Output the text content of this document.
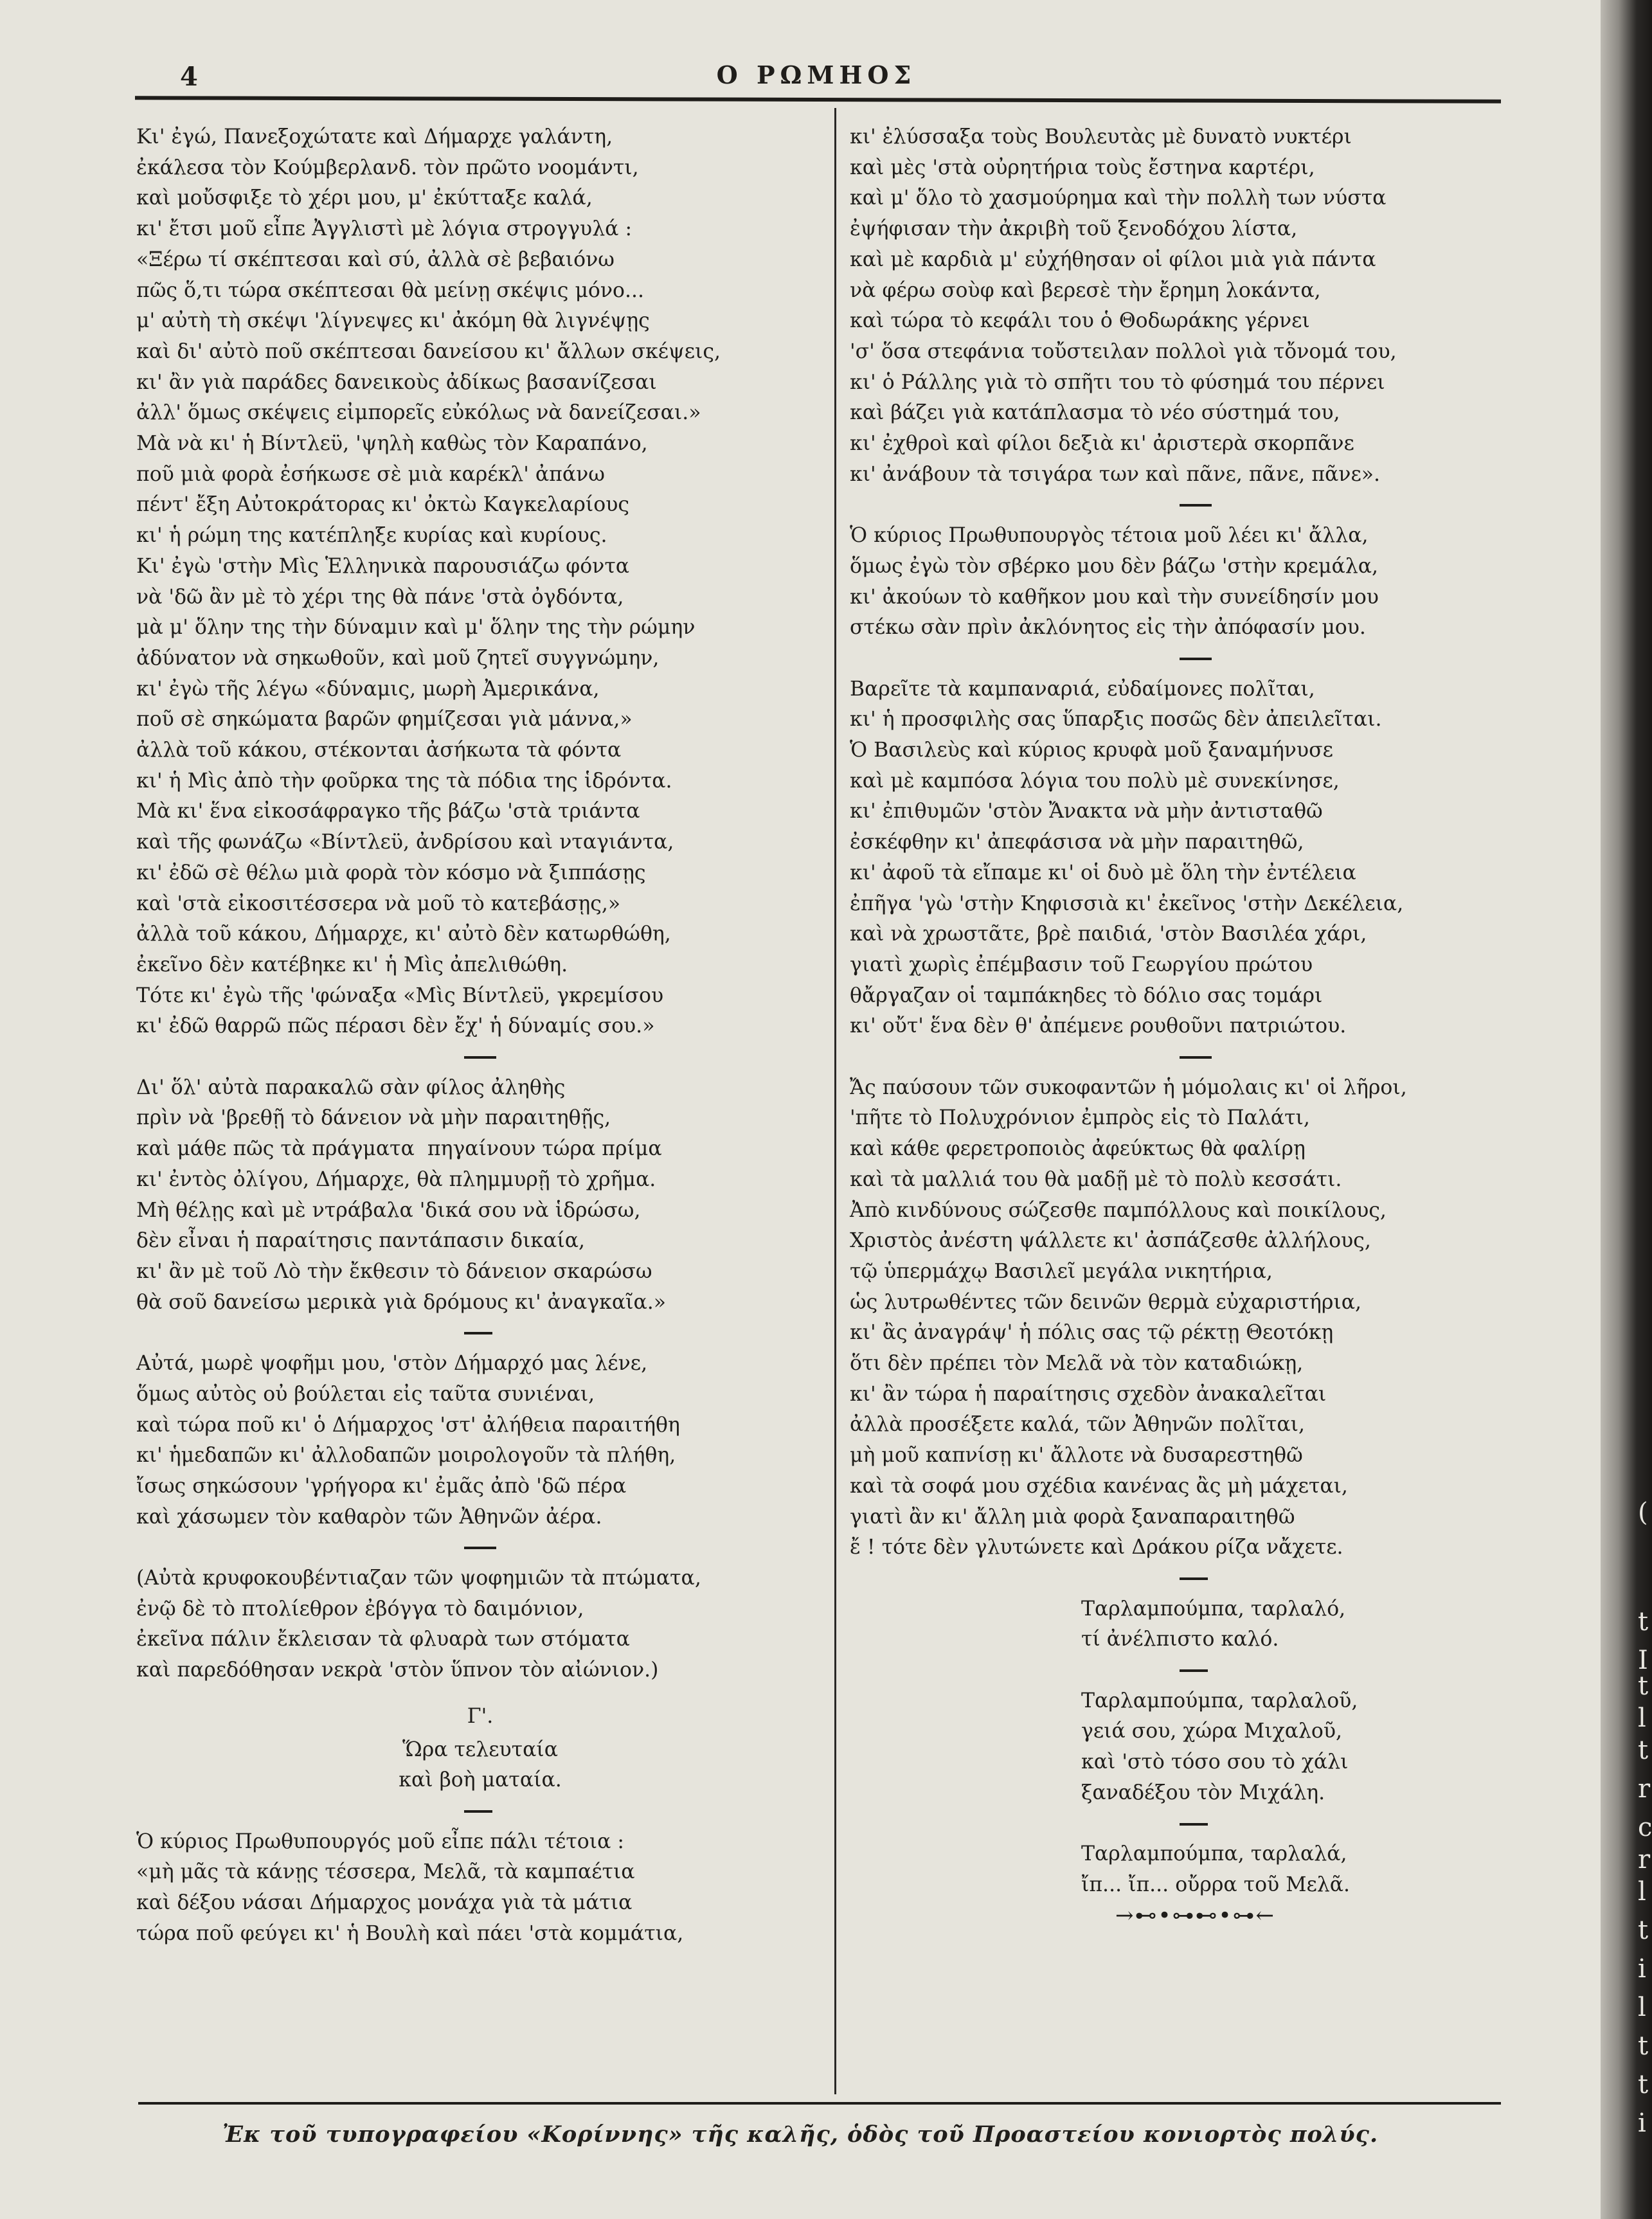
4	Ο ΡΩΜΗΟΣ
Κι' ἐγώ, Πανεξοχώτατε καὶ Δήμαρχε γαλάντη,
ἐκάλεσα τὸν Κούμβερλανδ. τὸν πρῶτο νοομάντι,
καὶ μοὔσφιξε τὸ χέρι μου, μ' ἐκύτταξε καλά,
κι' ἔτσι μοῦ εἶπε Ἀγγλιστὶ μὲ λόγια στρογγυλά :
«Ξέρω τί σκέπτεσαι καὶ σύ, ἀλλὰ σὲ βεβαιόνω
πῶς ὅ,τι τώρα σκέπτεσαι θὰ μείνῃ σκέψις μόνο...
μ' αὐτὴ τὴ σκέψι 'λίγνεψες κι' ἀκόμη θὰ λιγνέψῃς
καὶ δι' αὐτὸ ποῦ σκέπτεσαι δανείσου κι' ἄλλων σκέψεις,
κι' ἂν γιὰ παράδες δανεικοὺς ἀδίκως βασανίζεσαι
ἀλλ' ὅμως σκέψεις εἰμπορεῖς εὐκόλως νὰ δανείζεσαι.»
Μὰ νὰ κι' ἡ Βίντλεϋ, 'ψηλὴ καθὼς τὸν Καραπάνο,
ποῦ μιὰ φορὰ ἐσήκωσε σὲ μιὰ καρέκλ' ἀπάνω
πέντ' ἔξη Αὐτοκράτορας κι' ὀκτὼ Καγκελαρίους
κι' ἡ ρώμη της κατέπληξε κυρίας καὶ κυρίους.
Κι' ἐγὼ 'στὴν Μὶς Ἑλληνικὰ παρουσιάζω φόντα
νὰ 'δῶ ἂν μὲ τὸ χέρι της θὰ πάνε 'στὰ ὀγδόντα,
μὰ μ' ὅλην της τὴν δύναμιν καὶ μ' ὅλην της τὴν ρώμην
ἀδύνατον νὰ σηκωθοῦν, καὶ μοῦ ζητεῖ συγγνώμην,
κι' ἐγὼ τῆς λέγω «δύναμις, μωρὴ Ἀμερικάνα,
ποῦ σὲ σηκώματα βαρῶν φημίζεσαι γιὰ μάννα,»
ἀλλὰ τοῦ κάκου, στέκονται ἀσήκωτα τὰ φόντα
κι' ἡ Μὶς ἀπὸ τὴν φοῦρκα της τὰ πόδια της ἱδρόντα.
Μὰ κι' ἕνα εἰκοσάφραγκο τῆς βάζω 'στὰ τριάντα
καὶ τῆς φωνάζω «Βίντλεϋ, ἀνδρίσου καὶ νταγιάντα,
κι' ἐδῶ σὲ θέλω μιὰ φορὰ τὸν κόσμο νὰ ξιππάσῃς
καὶ 'στὰ εἰκοσιτέσσερα νὰ μοῦ τὸ κατεβάσῃς,»
ἀλλὰ τοῦ κάκου, Δήμαρχε, κι' αὐτὸ δὲν κατωρθώθη,
ἐκεῖνο δὲν κατέβηκε κι' ἡ Μὶς ἀπελιθώθη.
Τότε κι' ἐγὼ τῆς 'φώναξα «Μὶς Βίντλεϋ, γκρεμίσου
κι' ἐδῶ θαρρῶ πῶς πέρασι δὲν ἔχ' ἡ δύναμίς σου.»
Δι' ὅλ' αὐτὰ παρακαλῶ σὰν φίλος ἀληθὴς
πρὶν νὰ 'βρεθῇ τὸ δάνειον νὰ μὴν παραιτηθῇς,
καὶ μάθε πῶς τὰ πράγματα  πηγαίνουν τώρα πρίμα
κι' ἐντὸς ὀλίγου, Δήμαρχε, θὰ πλημμυρῇ τὸ χρῆμα.
Μὴ θέλῃς καὶ μὲ ντράβαλα 'δικά σου νὰ ἱδρώσω,
δὲν εἶναι ἡ παραίτησις παντάπασιν δικαία,
κι' ἂν μὲ τοῦ Λὸ τὴν ἔκθεσιν τὸ δάνειον σκαρώσω
θὰ σοῦ δανείσω μερικὰ γιὰ δρόμους κι' ἀναγκαῖα.»
Αὐτά, μωρὲ ψοφῆμι μου, 'στὸν Δήμαρχό μας λένε,
ὅμως αὐτὸς οὐ βούλεται εἰς ταῦτα συνιέναι,
καὶ τώρα ποῦ κι' ὁ Δήμαρχος 'στ' ἀλήθεια παραιτήθη
κι' ἡμεδαπῶν κι' ἀλλοδαπῶν μοιρολογοῦν τὰ πλήθη,
ἴσως σηκώσουν 'γρήγορα κι' ἐμᾶς ἀπὸ 'δῶ πέρα
καὶ χάσωμεν τὸν καθαρὸν τῶν Ἀθηνῶν ἀέρα.
(Αὐτὰ κρυφοκουβέντιαζαν τῶν ψοφημιῶν τὰ πτώματα,
ἐνῷ δὲ τὸ πτολίεθρον ἐβόγγα τὸ δαιμόνιον,
ἐκεῖνα πάλιν ἔκλεισαν τὰ φλυαρὰ των στόματα
καὶ παρεδόθησαν νεκρὰ 'στὸν ὕπνον τὸν αἰώνιον.)
Γ'.
Ὥρα τελευταία
καὶ βοὴ ματαία.
Ὁ κύριος Πρωθυπουργός μοῦ εἶπε πάλι τέτοια :
«μὴ μᾶς τὰ κάνῃς τέσσερα, Μελᾶ, τὰ καμπαέτια
καὶ δέξου νάσαι Δήμαρχος μονάχα γιὰ τὰ μάτια
τώρα ποῦ φεύγει κι' ἡ Βουλὴ καὶ πάει 'στὰ κομμάτια,
κι' ἐλύσσαξα τοὺς Βουλευτὰς μὲ δυνατὸ νυκτέρι
καὶ μὲς 'στὰ οὐρητήρια τοὺς ἔστηνα καρτέρι,
καὶ μ' ὅλο τὸ χασμούρημα καὶ τὴν πολλὴ των νύστα
ἐψήφισαν τὴν ἀκριβὴ τοῦ ξενοδόχου λίστα,
καὶ μὲ καρδιὰ μ' εὐχήθησαν οἱ φίλοι μιὰ γιὰ πάντα
νὰ φέρω σοὺφ καὶ βερεσὲ τὴν ἔρημη λοκάντα,
καὶ τώρα τὸ κεφάλι του ὁ Θοδωράκης γέρνει
'σ' ὅσα στεφάνια τοὔστειλαν πολλοὶ γιὰ τὄνομά του,
κι' ὁ Ράλλης γιὰ τὸ σπῆτι του τὸ φύσημά του πέρνει
καὶ βάζει γιὰ κατάπλασμα τὸ νέο σύστημά του,
κι' ἐχθροὶ καὶ φίλοι δεξιὰ κι' ἀριστερὰ σκορπᾶνε
κι' ἀνάβουν τὰ τσιγάρα των καὶ πᾶνε, πᾶνε, πᾶνε».
Ὁ κύριος Πρωθυπουργὸς τέτοια μοῦ λέει κι' ἄλλα,
ὅμως ἐγὼ τὸν σβέρκο μου δὲν βάζω 'στὴν κρεμάλα,
κι' ἀκούων τὸ καθῆκον μου καὶ τὴν συνείδησίν μου
στέκω σὰν πρὶν ἀκλόνητος εἰς τὴν ἀπόφασίν μου.
Βαρεῖτε τὰ καμπαναριά, εὐδαίμονες πολῖται,
κι' ἡ προσφιλὴς σας ὕπαρξις ποσῶς δὲν ἀπειλεῖται.
Ὁ Βασιλεὺς καὶ κύριος κρυφὰ μοῦ ξαναμήνυσε
καὶ μὲ καμπόσα λόγια του πολὺ μὲ συνεκίνησε,
κι' ἐπιθυμῶν 'στὸν Ἄνακτα νὰ μὴν ἀντισταθῶ
ἐσκέφθην κι' ἀπεφάσισα νὰ μὴν παραιτηθῶ,
κι' ἀφοῦ τὰ εἴπαμε κι' οἱ δυὸ μὲ ὅλη τὴν ἐντέλεια
ἐπῆγα 'γὼ 'στὴν Κηφισσιὰ κι' ἐκεῖνος 'στὴν Δεκέλεια,
καὶ νὰ χρωστᾶτε, βρὲ παιδιά, 'στὸν Βασιλέα χάρι,
γιατὶ χωρὶς ἐπέμβασιν τοῦ Γεωργίου πρώτου
θἄργαζαν οἱ ταμπάκηδες τὸ δόλιο σας τομάρι
κι' οὔτ' ἕνα δὲν θ' ἀπέμενε ρουθοῦνι πατριώτου.
Ἄς παύσουν τῶν συκοφαντῶν ἡ μόμολαις κι' οἱ λῆροι,
'πῆτε τὸ Πολυχρόνιον ἐμπρὸς εἰς τὸ Παλάτι,
καὶ κάθε φερετροποιὸς ἀφεύκτως θὰ φαλίρῃ
καὶ τὰ μαλλιά του θὰ μαδῇ μὲ τὸ πολὺ κεσσάτι.
Ἀπὸ κινδύνους σώζεσθε παμπόλλους καὶ ποικίλους,
Χριστὸς ἀνέστη ψάλλετε κι' ἀσπάζεσθε ἀλλήλους,
τῷ ὑπερμάχῳ Βασιλεῖ μεγάλα νικητήρια,
ὡς λυτρωθέντες τῶν δεινῶν θερμὰ εὐχαριστήρια,
κι' ἂς ἀναγράψ' ἡ πόλις σας τῷ ρέκτῃ Θεοτόκῃ
ὅτι δὲν πρέπει τὸν Μελᾶ νὰ τὸν καταδιώκῃ,
κι' ἂν τώρα ἡ παραίτησις σχεδὸν ἀνακαλεῖται
ἀλλὰ προσέξετε καλά, τῶν Ἀθηνῶν πολῖται,
μὴ μοῦ καπνίσῃ κι' ἄλλοτε νὰ δυσαρεστηθῶ
καὶ τὰ σοφά μου σχέδια κανένας ἂς μὴ μάχεται,
γιατὶ ἂν κι' ἄλλη μιὰ φορὰ ξαναπαραιτηθῶ
ἔ ! τότε δὲν γλυτώνετε καὶ Δράκου ρίζα νἄχετε.
Ταρλαμπούμπα, ταρλαλό,
τί ἀνέλπιστο καλό.
Ταρλαμπούμπα, ταρλαλοῦ,
γειά σου, χώρα Μιχαλοῦ,
καὶ 'στὸ τόσο σου τὸ χάλι
ξαναδέξου τὸν Μιχάλη.
Ταρλαμπούμπα, ταρλαλά,
ἴπ... ἴπ... οὔρρα τοῦ Μελᾶ.
→⊷•⊶⊷•⊶←
Ἐκ τοῦ τυπογραφείου «Κορίννης» τῆς καλῆς, ὁδὸς τοῦ Προαστείου κονιορτὸς πολύς.
(
t
I
t
l
t
r
c
r
l
t
i
l
t
t
i
